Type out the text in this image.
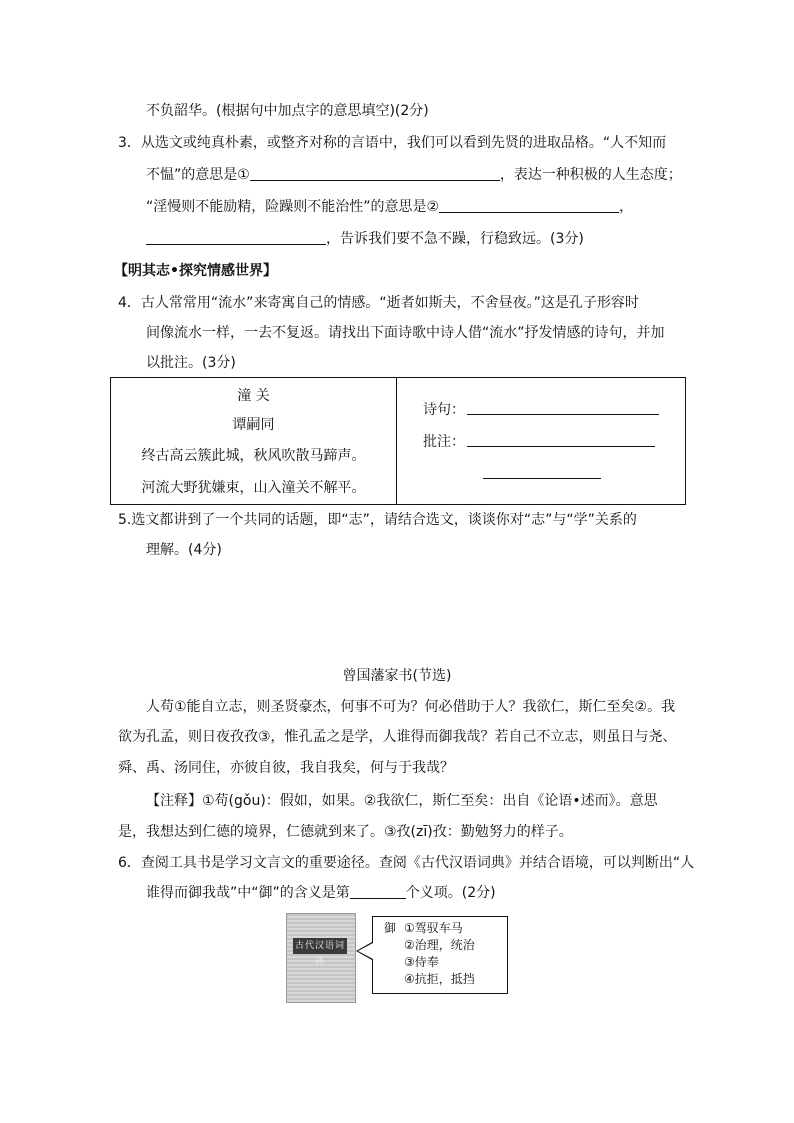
不负韶华。(根据句中加点字的意思填空)(2分)
3．从选文或纯真朴素，或整齐对称的言语中，我们可以看到先贤的进取品格。“人不知而
不愠”的意思是①	，表达一种积极的人生态度；
“淫慢则不能励精，险躁则不能治性”的意思是②	，
，告诉我们要不急不躁，行稳致远。(3分)
【明其志•探究情感世界】
4．古人常常用“流水”来寄寓自己的情感。“逝者如斯夫，不舍昼夜。”这是孔子形容时
间像流水一样，一去不复返。请找出下面诗歌中诗人借“流水”抒发情感的诗句，并加
以批注。(3分)
潼 关
谭嗣同
终古高云簇此城，秋风吹散马蹄声。
河流大野犹嫌束，山入潼关不解平。
诗句：
批注：
5.选文都讲到了一个共同的话题，即“志”，请结合选文，谈谈你对“志”与“学”关系的
理解。(4分)
曾国藩家书(节选)
人苟①能自立志，则圣贤豪杰，何事不可为？何必借助于人？我欲仁，斯仁至矣②。我
欲为孔孟，则日夜孜孜③，惟孔孟之是学，人谁得而御我哉？若自己不立志，则虽日与尧、
舜、禹、汤同住，亦彼自彼，我自我矣，何与于我哉？
【注释】①苟(gǒu)：假如，如果。②我欲仁，斯仁至矣：出自《论语•述而》。意思
是，我想达到仁德的境界，仁德就到来了。③孜(zī)孜：勤勉努力的样子。
6．查阅工具书是学习文言文的重要途径。查阅《古代汉语词典》并结合语境，可以判断出“人
谁得而御我哉”中“御”的含义是第	个义项。(2分)
古代汉语词典
御 ①驾驭车马
②治理，统治
③侍奉
④抗拒，抵挡
